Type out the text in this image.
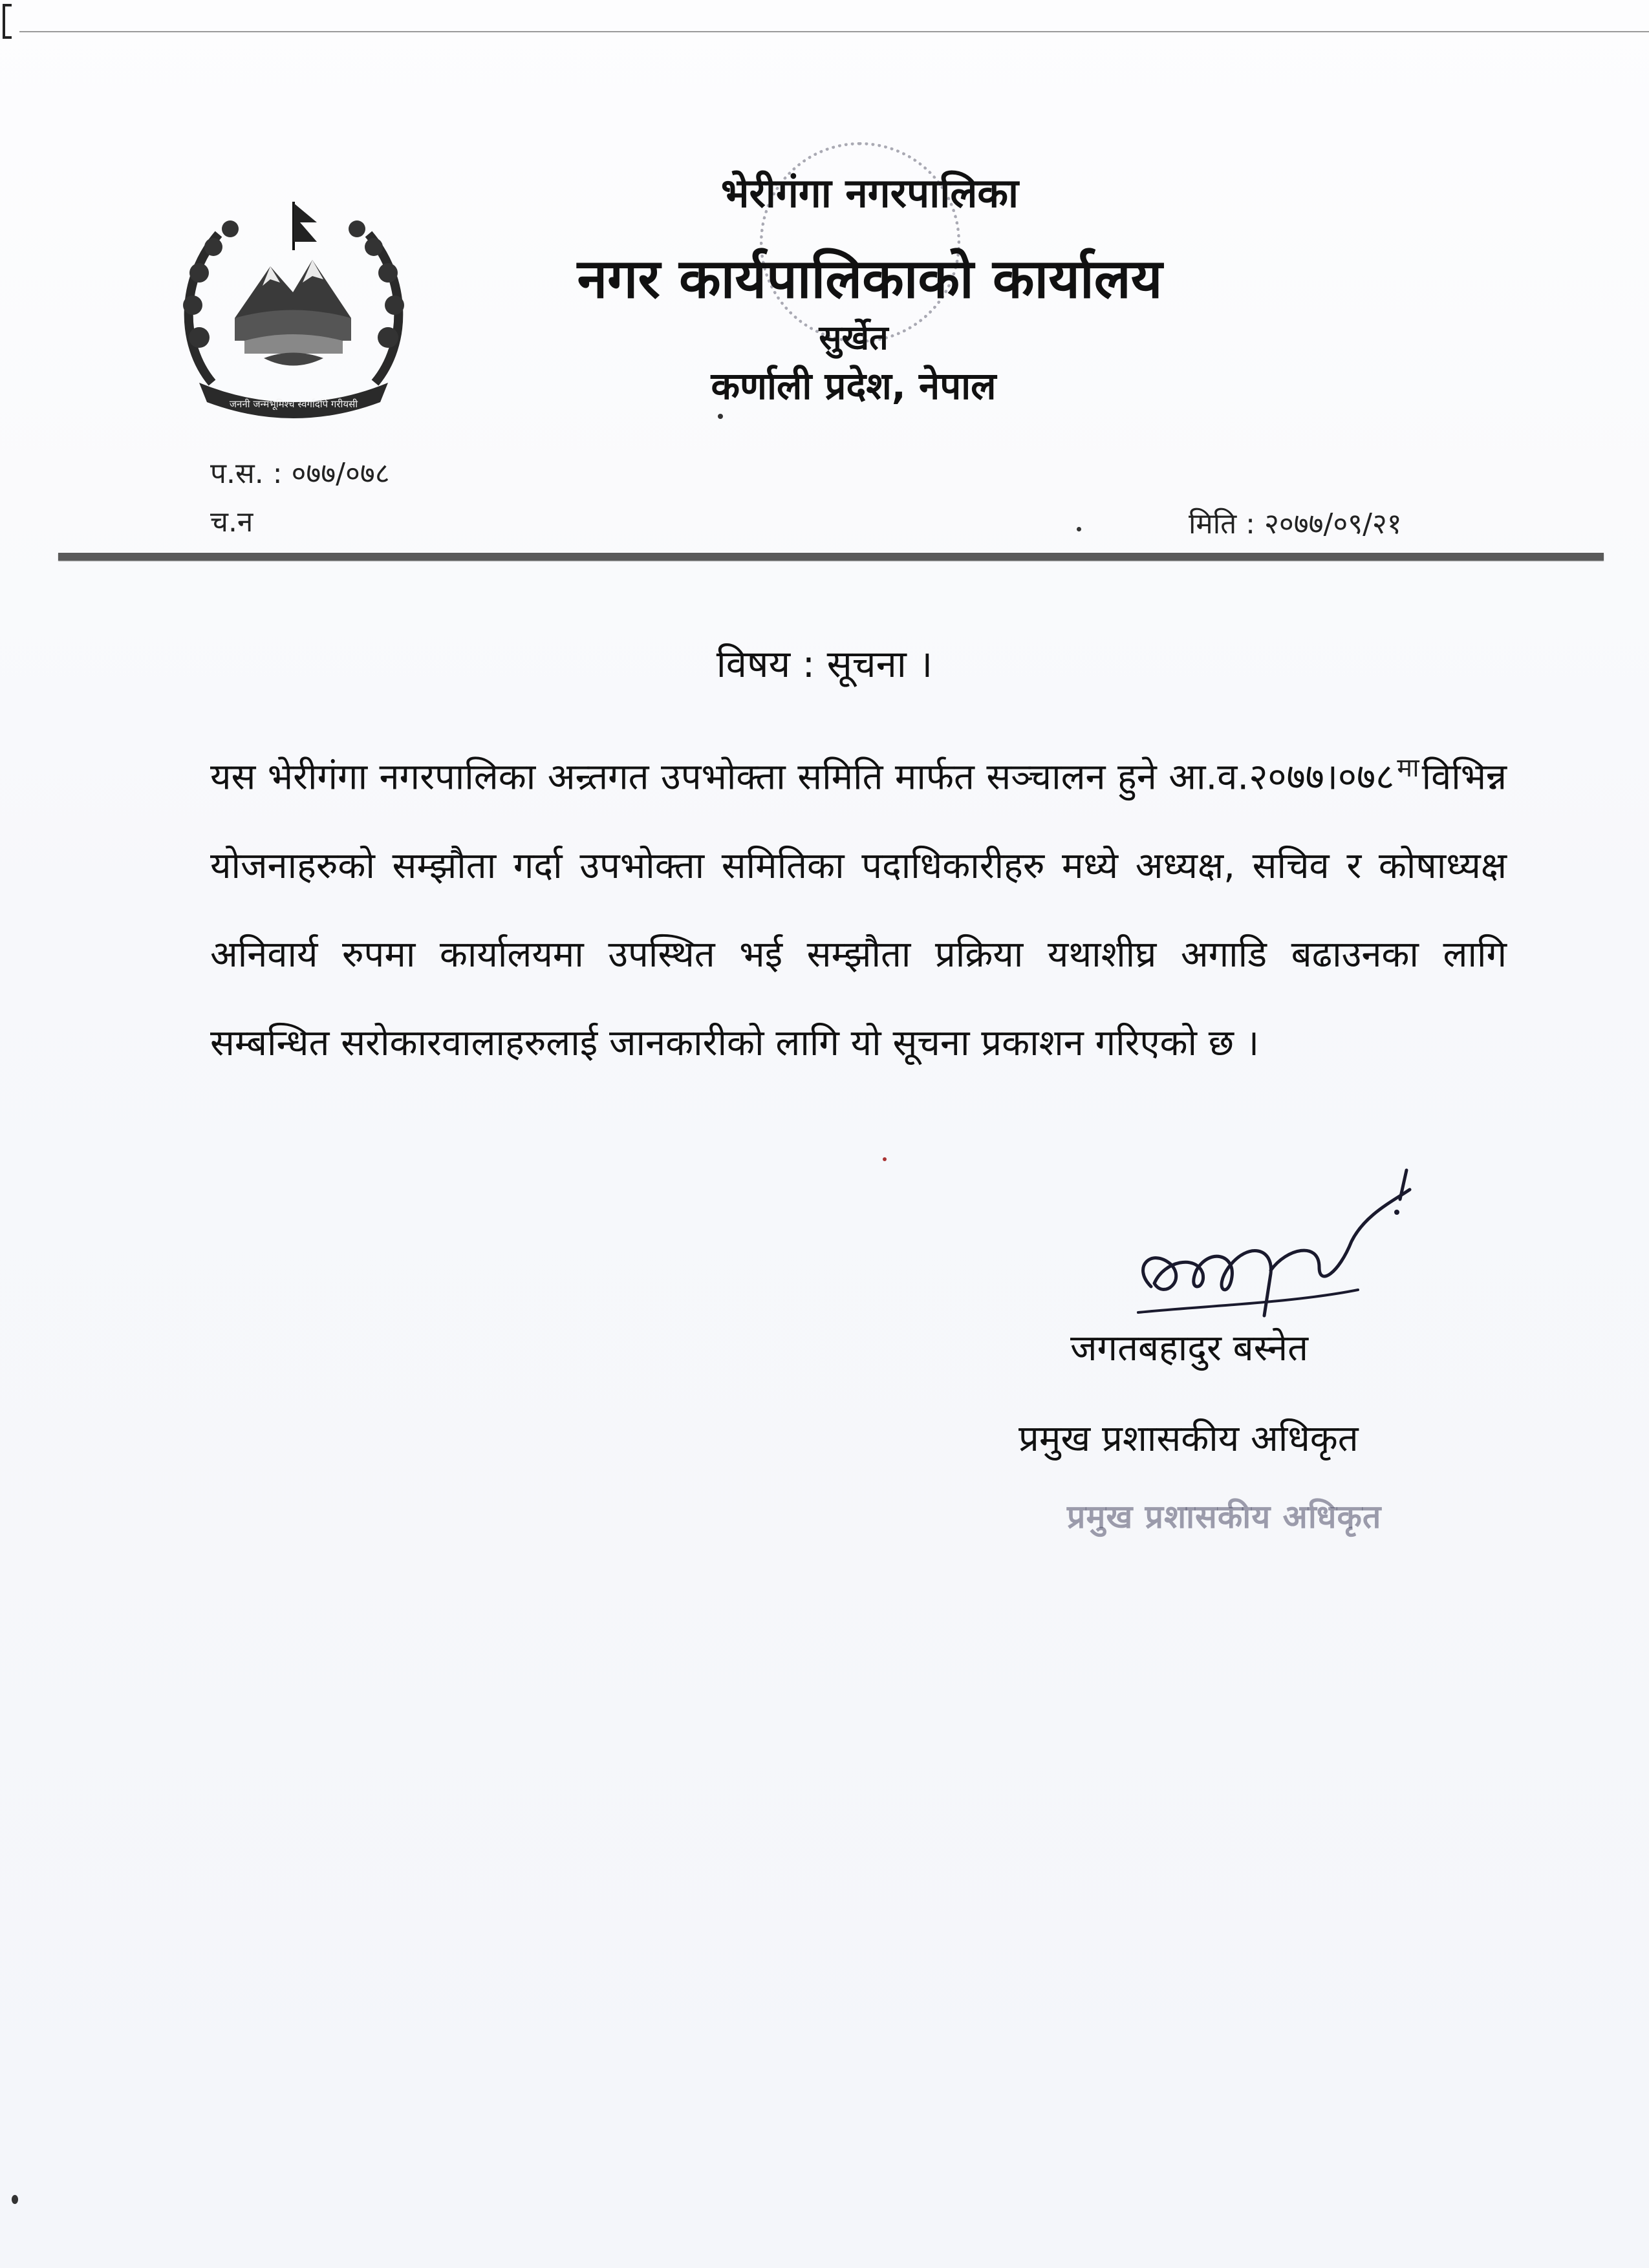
जननी जन्मभूमिश्च स्वर्गादपि गरीयसी
भेरीगंगा नगरपालिका
नगर कार्यपालिकाको कार्यालय
सुर्खेत
कर्णाली प्रदेश, नेपाल
प.स. : ०७७/०७८
च.न	मिति : २०७७/०९/२१
विषय : सूचना ।
यस भेरीगंगा नगरपालिका अन्र्तगत उपभोक्ता समिति मार्फत सञ्चालन हुने आ.व.२०७७।०७८ माविभिन्न योजनाहरुको सम्झौता गर्दा उपभोक्ता समितिका पदाधिकारीहरु मध्ये अध्यक्ष, सचिव र कोषाध्यक्ष अनिवार्य रुपमा कार्यालयमा उपस्थित भई सम्झौता प्रक्रिया यथाशीघ्र अगाडि बढाउनका लागि सम्बन्धित सरोकारवालाहरुलाई जानकारीको लागि यो सूचना प्रकाशन गरिएको छ ।
जगतबहादुर बस्नेत
प्रमुख प्रशासकीय अधिकृत
प्रमुख प्रशासकीय अधिकृत
